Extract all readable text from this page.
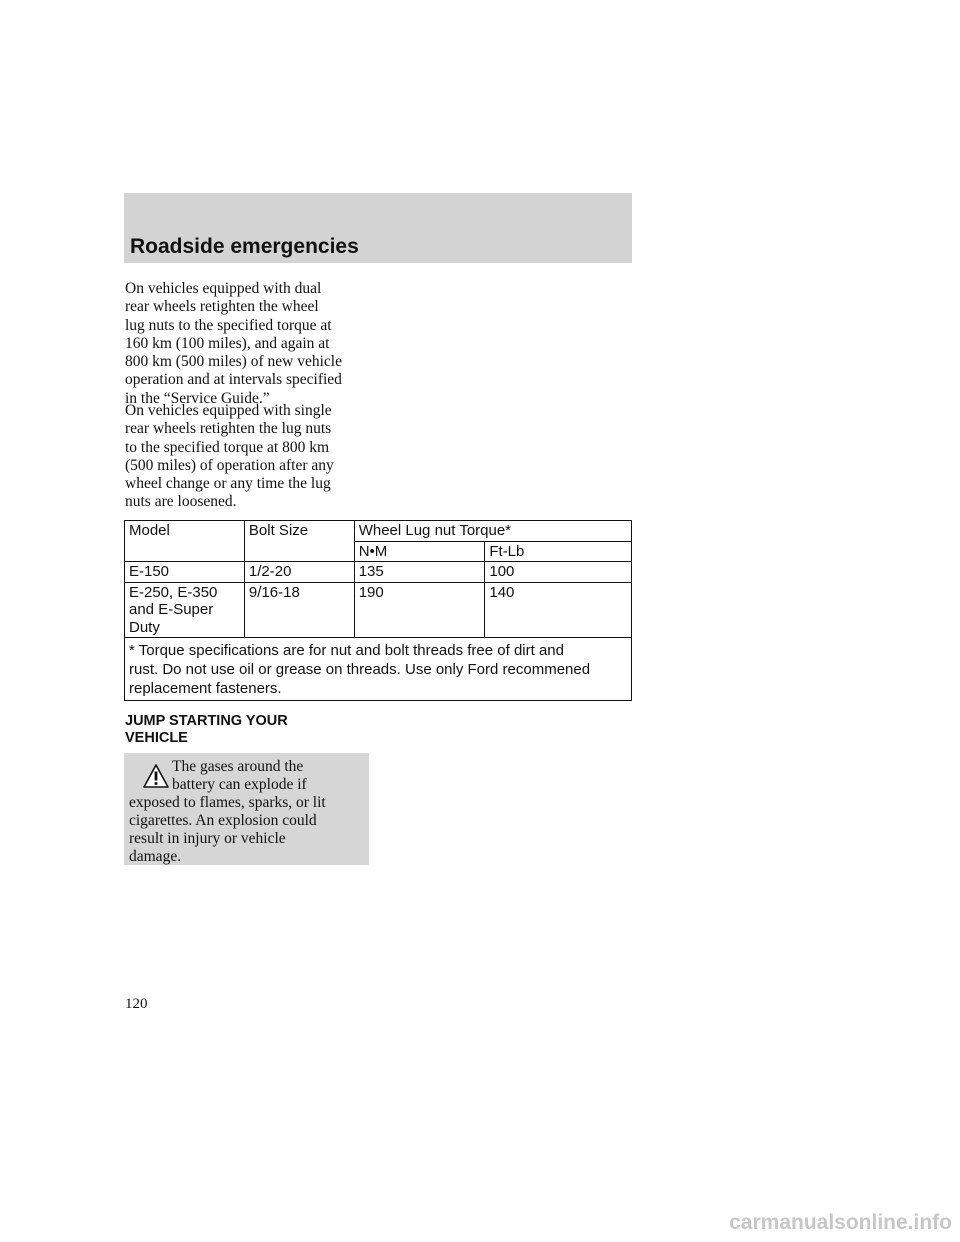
Roadside emergencies
On vehicles equipped with dual
rear wheels retighten the wheel
lug nuts to the specified torque at
160 km (100 miles), and again at
800 km (500 miles) of new vehicle
operation and at intervals specified
in the “Service Guide.”
On vehicles equipped with single
rear wheels retighten the lug nuts
to the specified torque at 800 km
(500 miles) of operation after any
wheel change or any time the lug
nuts are loosened.
Model	Bolt Size	Wheel Lug nut Torque*	
		N•M	Ft-Lb

E-150	1/2-20	135	100

E-250, E-350
and E-Super
Duty	9/16-18	190	140

* Torque specifications are for nut and bolt threads free of dirt and
rust. Do not use oil or grease on threads. Use only Ford recommened
replacement fasteners.			
JUMP STARTING YOUR
VEHICLE
The gases around the
battery can explode if
exposed to flames, sparks, or lit
cigarettes. An explosion could
result in injury or vehicle
damage.
120
carmanualsonline.info
